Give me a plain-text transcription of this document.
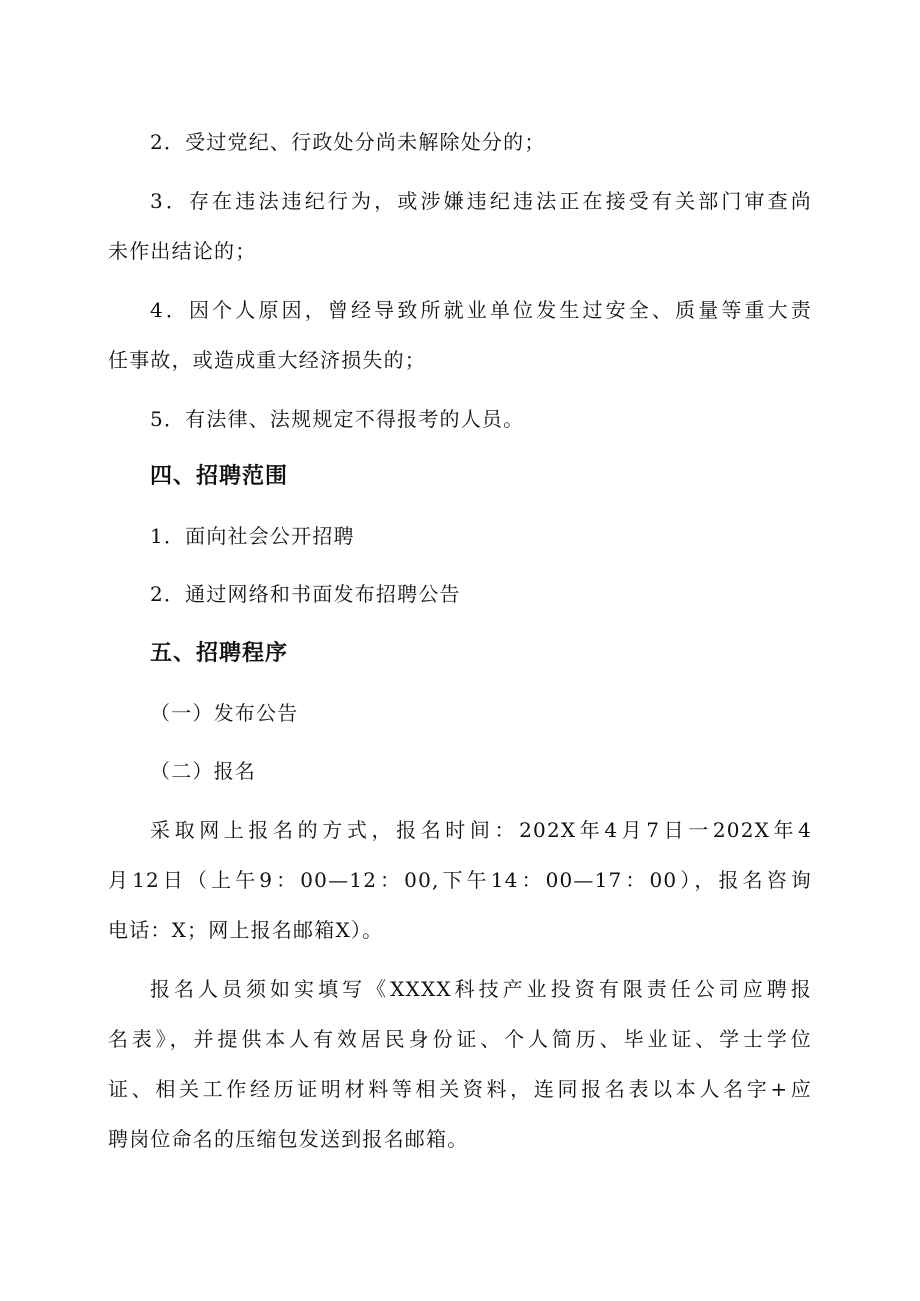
2．受过党纪、行政处分尚未解除处分的；
3．存在违法违纪行为，或涉嫌违纪违法正在接受有关部门审查尚
未作出结论的；
4．因个人原因，曾经导致所就业单位发生过安全、质量等重大责
任事故，或造成重大经济损失的；
5．有法律、法规规定不得报考的人员。
四、招聘范围
1．面向社会公开招聘
2．通过网络和书面发布招聘公告
五、招聘程序
（一）发布公告
（二）报名
采取网上报名的方式，报名时间：202X年4月7日一202X年4
月12日（上午9：00—12：00,下午14：00—17：00），报名咨询
电话：X；网上报名邮箱X）。
报名人员须如实填写《XXXX科技产业投资有限责任公司应聘报
名表》，并提供本人有效居民身份证、个人简历、毕业证、学士学位
证、相关工作经历证明材料等相关资料，连同报名表以本人名字+应
聘岗位命名的压缩包发送到报名邮箱。
